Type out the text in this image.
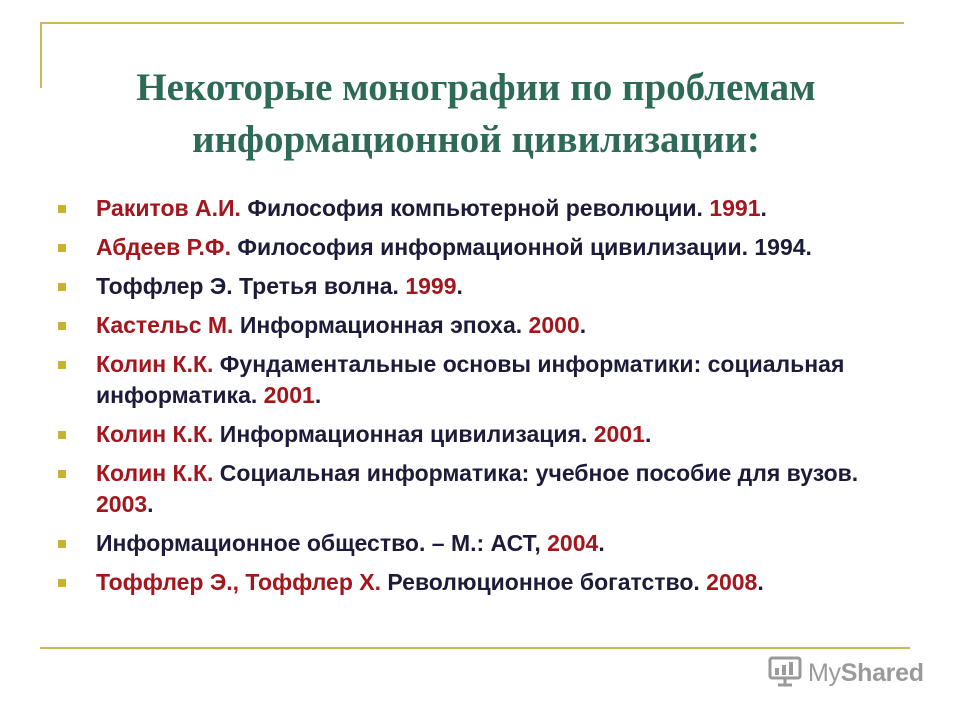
Некоторые монографии по проблемам
информационной цивилизации:
Ракитов А.И. Философия компьютерной революции. 1991.
Абдеев Р.Ф. Философия информационной цивилизации. 1994.
Тоффлер Э. Третья волна. 1999.
Кастельс М. Информационная эпоха. 2000.
Колин К.К. Фундаментальные основы информатики: социальная информатика. 2001.
Колин К.К. Информационная цивилизация. 2001.
Колин К.К. Социальная информатика: учебное пособие для вузов. 2003.
Информационное общество. – М.: АСТ, 2004.
Тоффлер Э., Тоффлер Х. Революционное богатство. 2008.
MyShared
